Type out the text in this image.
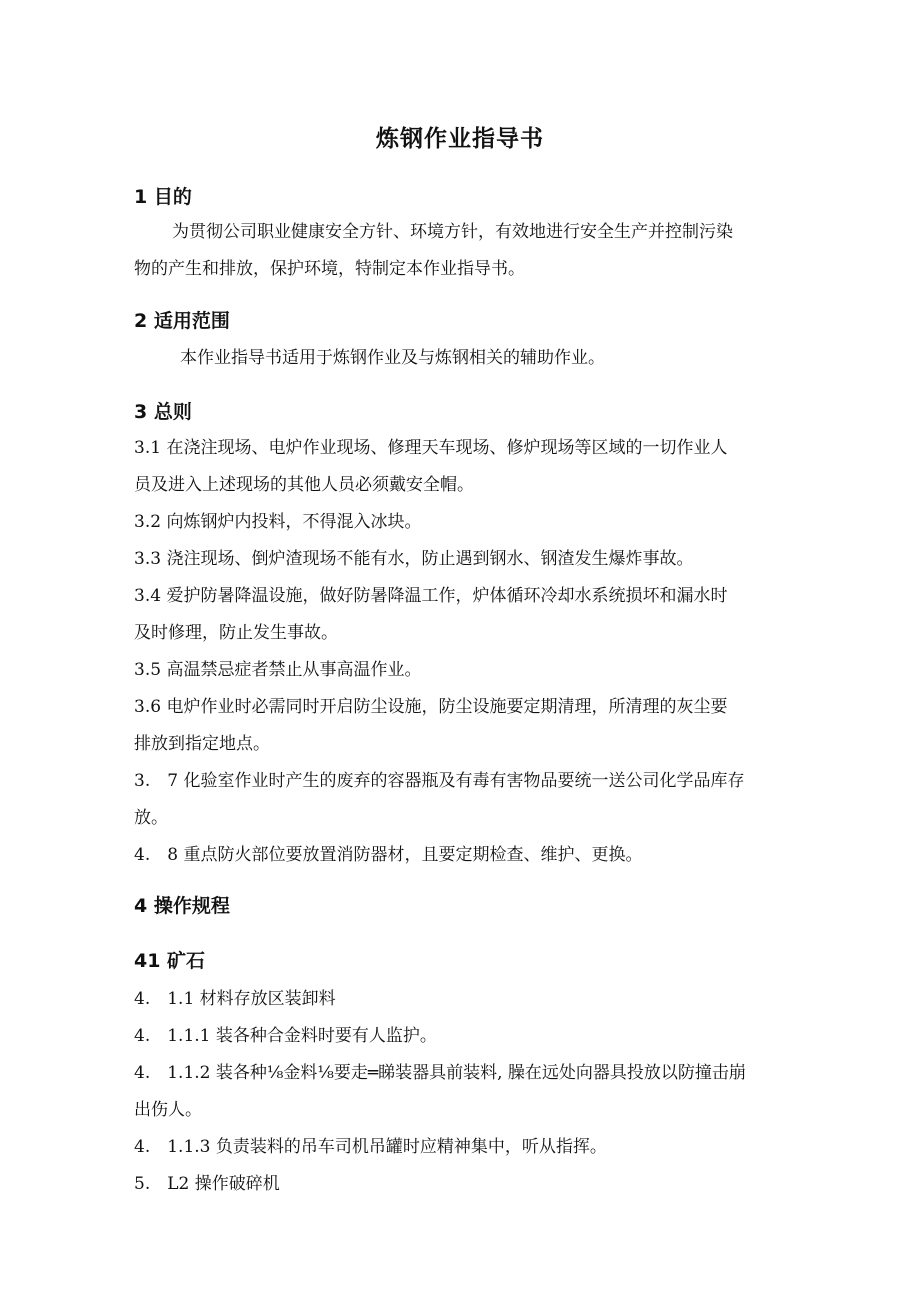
炼钢作业指导书
1 目的
为贯彻公司职业健康安全方针、环境方针，有效地进行安全生产并控制污染
物的产生和排放，保护环境，特制定本作业指导书。
2 适用范围
本作业指导书适用于炼钢作业及与炼钢相关的辅助作业。
3 总则
3.1 在浇注现场、电炉作业现场、修理天车现场、修炉现场等区域的一切作业人
员及进入上述现场的其他人员必须戴安全帽。
3.2 向炼钢炉内投料，不得混入冰块。
3.3 浇注现场、倒炉渣现场不能有水，防止遇到钢水、钢渣发生爆炸事故。
3.4 爱护防暑降温设施，做好防暑降温工作，炉体循环冷却水系统损坏和漏水时
及时修理，防止发生事故。
3.5 高温禁忌症者禁止从事高温作业。
3.6 电炉作业时必需同时开启防尘设施，防尘设施要定期清理，所清理的灰尘要
排放到指定地点。
3.　7 化验室作业时产生的废弃的容器瓶及有毒有害物品要统一送公司化学品库存
放。
4.　8 重点防火部位要放置消防器材，且要定期检查、维护、更换。
4 操作规程
41 矿石
4.　1.1 材料存放区装卸料
4.　1.1.1 装各种合金料时要有人监护。
4.　1.1.2 装各种⅛金料⅛要走═睇装器具前装料, 臊在远处向器具投放以防撞击崩
出伤人。
4.　1.1.3 负责装料的吊车司机吊罐时应精神集中，听从指挥。
5.　L2 操作破碎机
